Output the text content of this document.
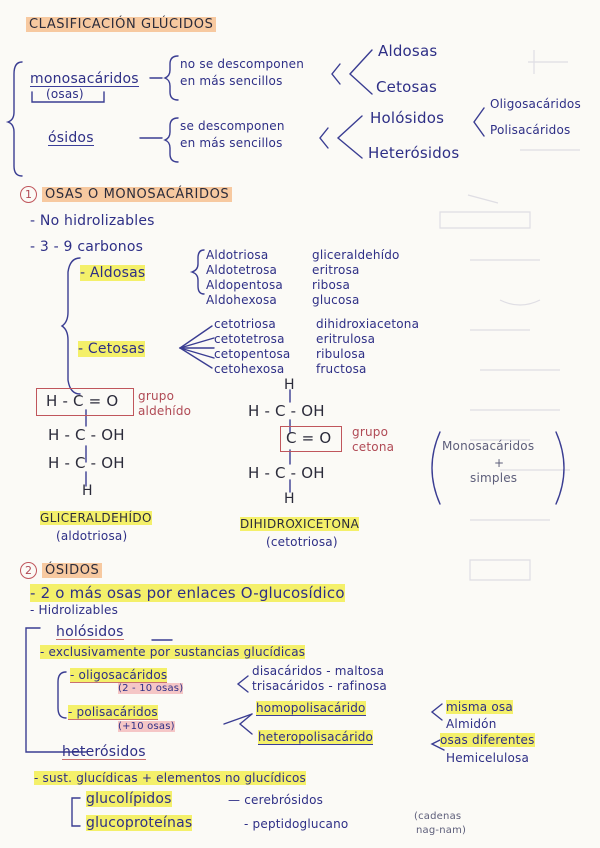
CLASIFICACIÓN GLÚCIDOS
monosacáridos
(osas)
no se descomponen
en más sencillos
Aldosas
Cetosas
ósidos
se descomponen
en más sencillos
Holósidos
Heterósidos
Oligosacáridos
Polisacáridos
1	OSAS O MONOSACÁRIDOS
- No hidrolizables
- 3 - 9 carbonos
- Aldosas
Aldotriosa	gliceraldehído
Aldotetrosa	eritrosa
Aldopentosa ribosa
Aldohexosa	glucosa
- Cetosas
cetotriosa	dihidroxiacetona
cetotetrosa	eritrulosa
cetopentosa ribulosa
cetohexosa	fructosa
H - C = O grupo
aldehído
H - C - OH
H - C - OH
H
GLICERALDEHÍDO
(aldotriosa)
H
H - C - OH
C = O grupo
cetona
H - C - OH
H
DIHIDROXICETONA
(cetotriosa)
Monosacáridos
+
simples
2	ÓSIDOS
- 2 o más osas por enlaces O-glucosídico
- Hidrolizables
holósidos
- exclusivamente por sustancias glucídicas
- oligosacáridos
(2 - 10 osas)
disacáridos - maltosa
trisacáridos - rafinosa
- polisacáridos
(+10 osas)
homopolisacárido
heteropolisacárido
misma osa
Almidón
osas diferentes
Hemicelulosa
heterósidos
- sust. glucídicas + elementos no glucídicos
glucolípidos	— cerebrósidos
glucoproteínas	- peptidoglucano
(cadenas
nag-nam)
